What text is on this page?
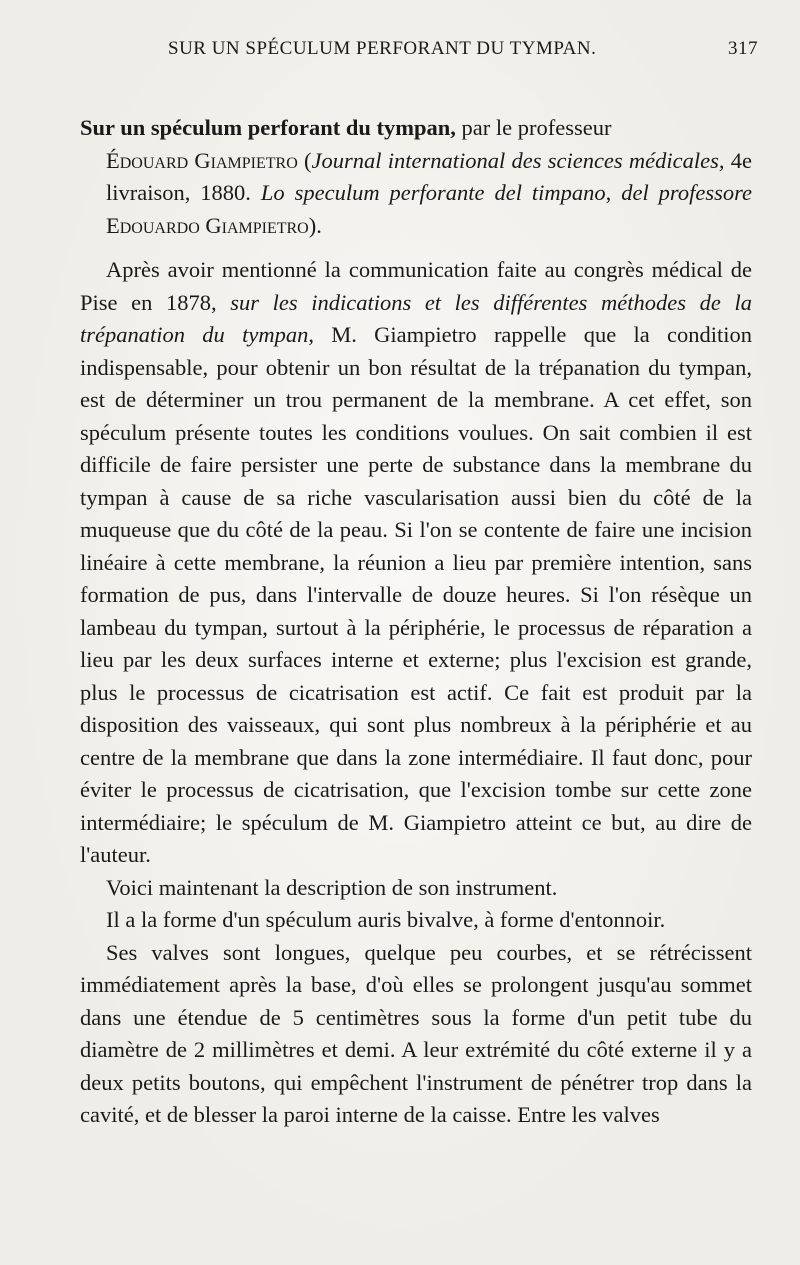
SUR UN SPÉCULUM PERFORANT DU TYMPAN.	317
Sur un spéculum perforant du tympan, par le professeur
Édouard Giampietro (Journal international des sciences médicales, 4e livraison, 1880. Lo speculum perforante del timpano, del professore Edouardo Giampietro).

Après avoir mentionné la communication faite au congrès médical de Pise en 1878, sur les indications et les différentes méthodes de la trépanation du tympan, M. Giampietro rappelle que la condition indispensable, pour obtenir un bon résultat de la trépanation du tympan, est de déterminer un trou permanent de la membrane. A cet effet, son spéculum présente toutes les conditions voulues. On sait combien il est difficile de faire persister une perte de substance dans la membrane du tympan à cause de sa riche vascularisation aussi bien du côté de la muqueuse que du côté de la peau. Si l'on se contente de faire une incision linéaire à cette membrane, la réunion a lieu par première intention, sans formation de pus, dans l'intervalle de douze heures. Si l'on résèque un lambeau du tympan, surtout à la périphérie, le processus de réparation a lieu par les deux surfaces interne et externe; plus l'excision est grande, plus le processus de cicatrisation est actif. Ce fait est produit par la disposition des vaisseaux, qui sont plus nombreux à la périphérie et au centre de la membrane que dans la zone intermédiaire. Il faut donc, pour éviter le processus de cicatrisation, que l'excision tombe sur cette zone intermédiaire; le spéculum de M. Giampietro atteint ce but, au dire de l'auteur.

Voici maintenant la description de son instrument.

Il a la forme d'un spéculum auris bivalve, à forme d'entonnoir.

Ses valves sont longues, quelque peu courbes, et se rétrécissent immédiatement après la base, d'où elles se prolongent jusqu'au sommet dans une étendue de 5 centimètres sous la forme d'un petit tube du diamètre de 2 millimètres et demi. A leur extrémité du côté externe il y a deux petits boutons, qui empêchent l'instrument de pénétrer trop dans la cavité, et de blesser la paroi interne de la caisse. Entre les valves
